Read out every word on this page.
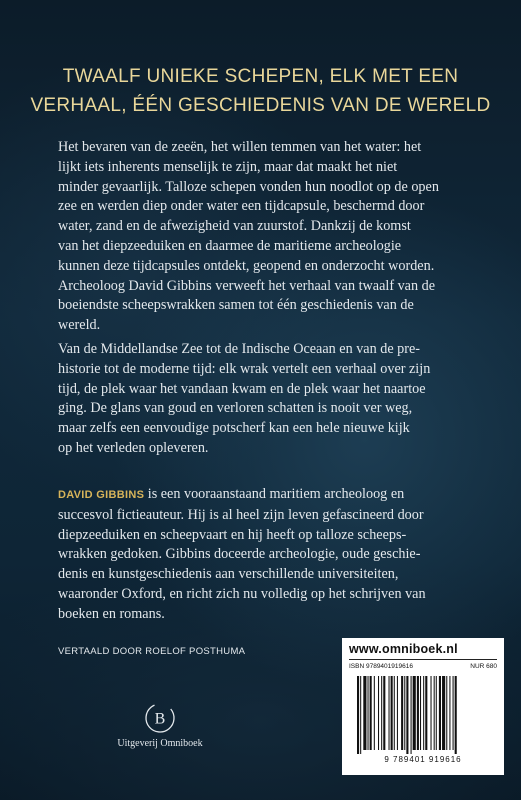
TWAALF UNIEKE SCHEPEN, ELK MET EEN
VERHAAL, ÉÉN GESCHIEDENIS VAN DE WERELD

Het bevaren van de zeeën, het willen temmen van het water: het
lijkt iets inherents menselijk te zijn, maar dat maakt het niet
minder gevaarlijk. Talloze schepen vonden hun noodlot op de open
zee en werden diep onder water een tijdcapsule, beschermd door
water, zand en de afwezigheid van zuurstof. Dankzij de komst
van het diepzeeduiken en daarmee de maritieme archeologie
kunnen deze tijdcapsules ontdekt, geopend en onderzocht worden.
Archeoloog David Gibbins verweeft het verhaal van twaalf van de
boeiendste scheepswrakken samen tot één geschiedenis van de
wereld.

Van de Middellandse Zee tot de Indische Oceaan en van de pre-
historie tot de moderne tijd: elk wrak vertelt een verhaal over zijn
tijd, de plek waar het vandaan kwam en de plek waar het naartoe
ging. De glans van goud en verloren schatten is nooit ver weg,
maar zelfs een eenvoudige potscherf kan een hele nieuwe kijk
op het verleden opleveren.

DAVID GIBBINS is een vooraanstaand maritiem archeoloog en
succesvol fictieauteur. Hij is al heel zijn leven gefascineerd door
diepzeeduiken en scheepvaart en hij heeft op talloze scheeps-
wrakken gedoken. Gibbins doceerde archeologie, oude geschie-
denis en kunstgeschiedenis aan verschillende universiteiten,
waaronder Oxford, en richt zich nu volledig op het schrijven van
boeken en romans.
VERTAALD DOOR ROELOF POSTHUMA
B
Uitgeverij Omniboek
www.omniboek.nl
ISBN 9789401919616	NUR 680
9 789401 919616
